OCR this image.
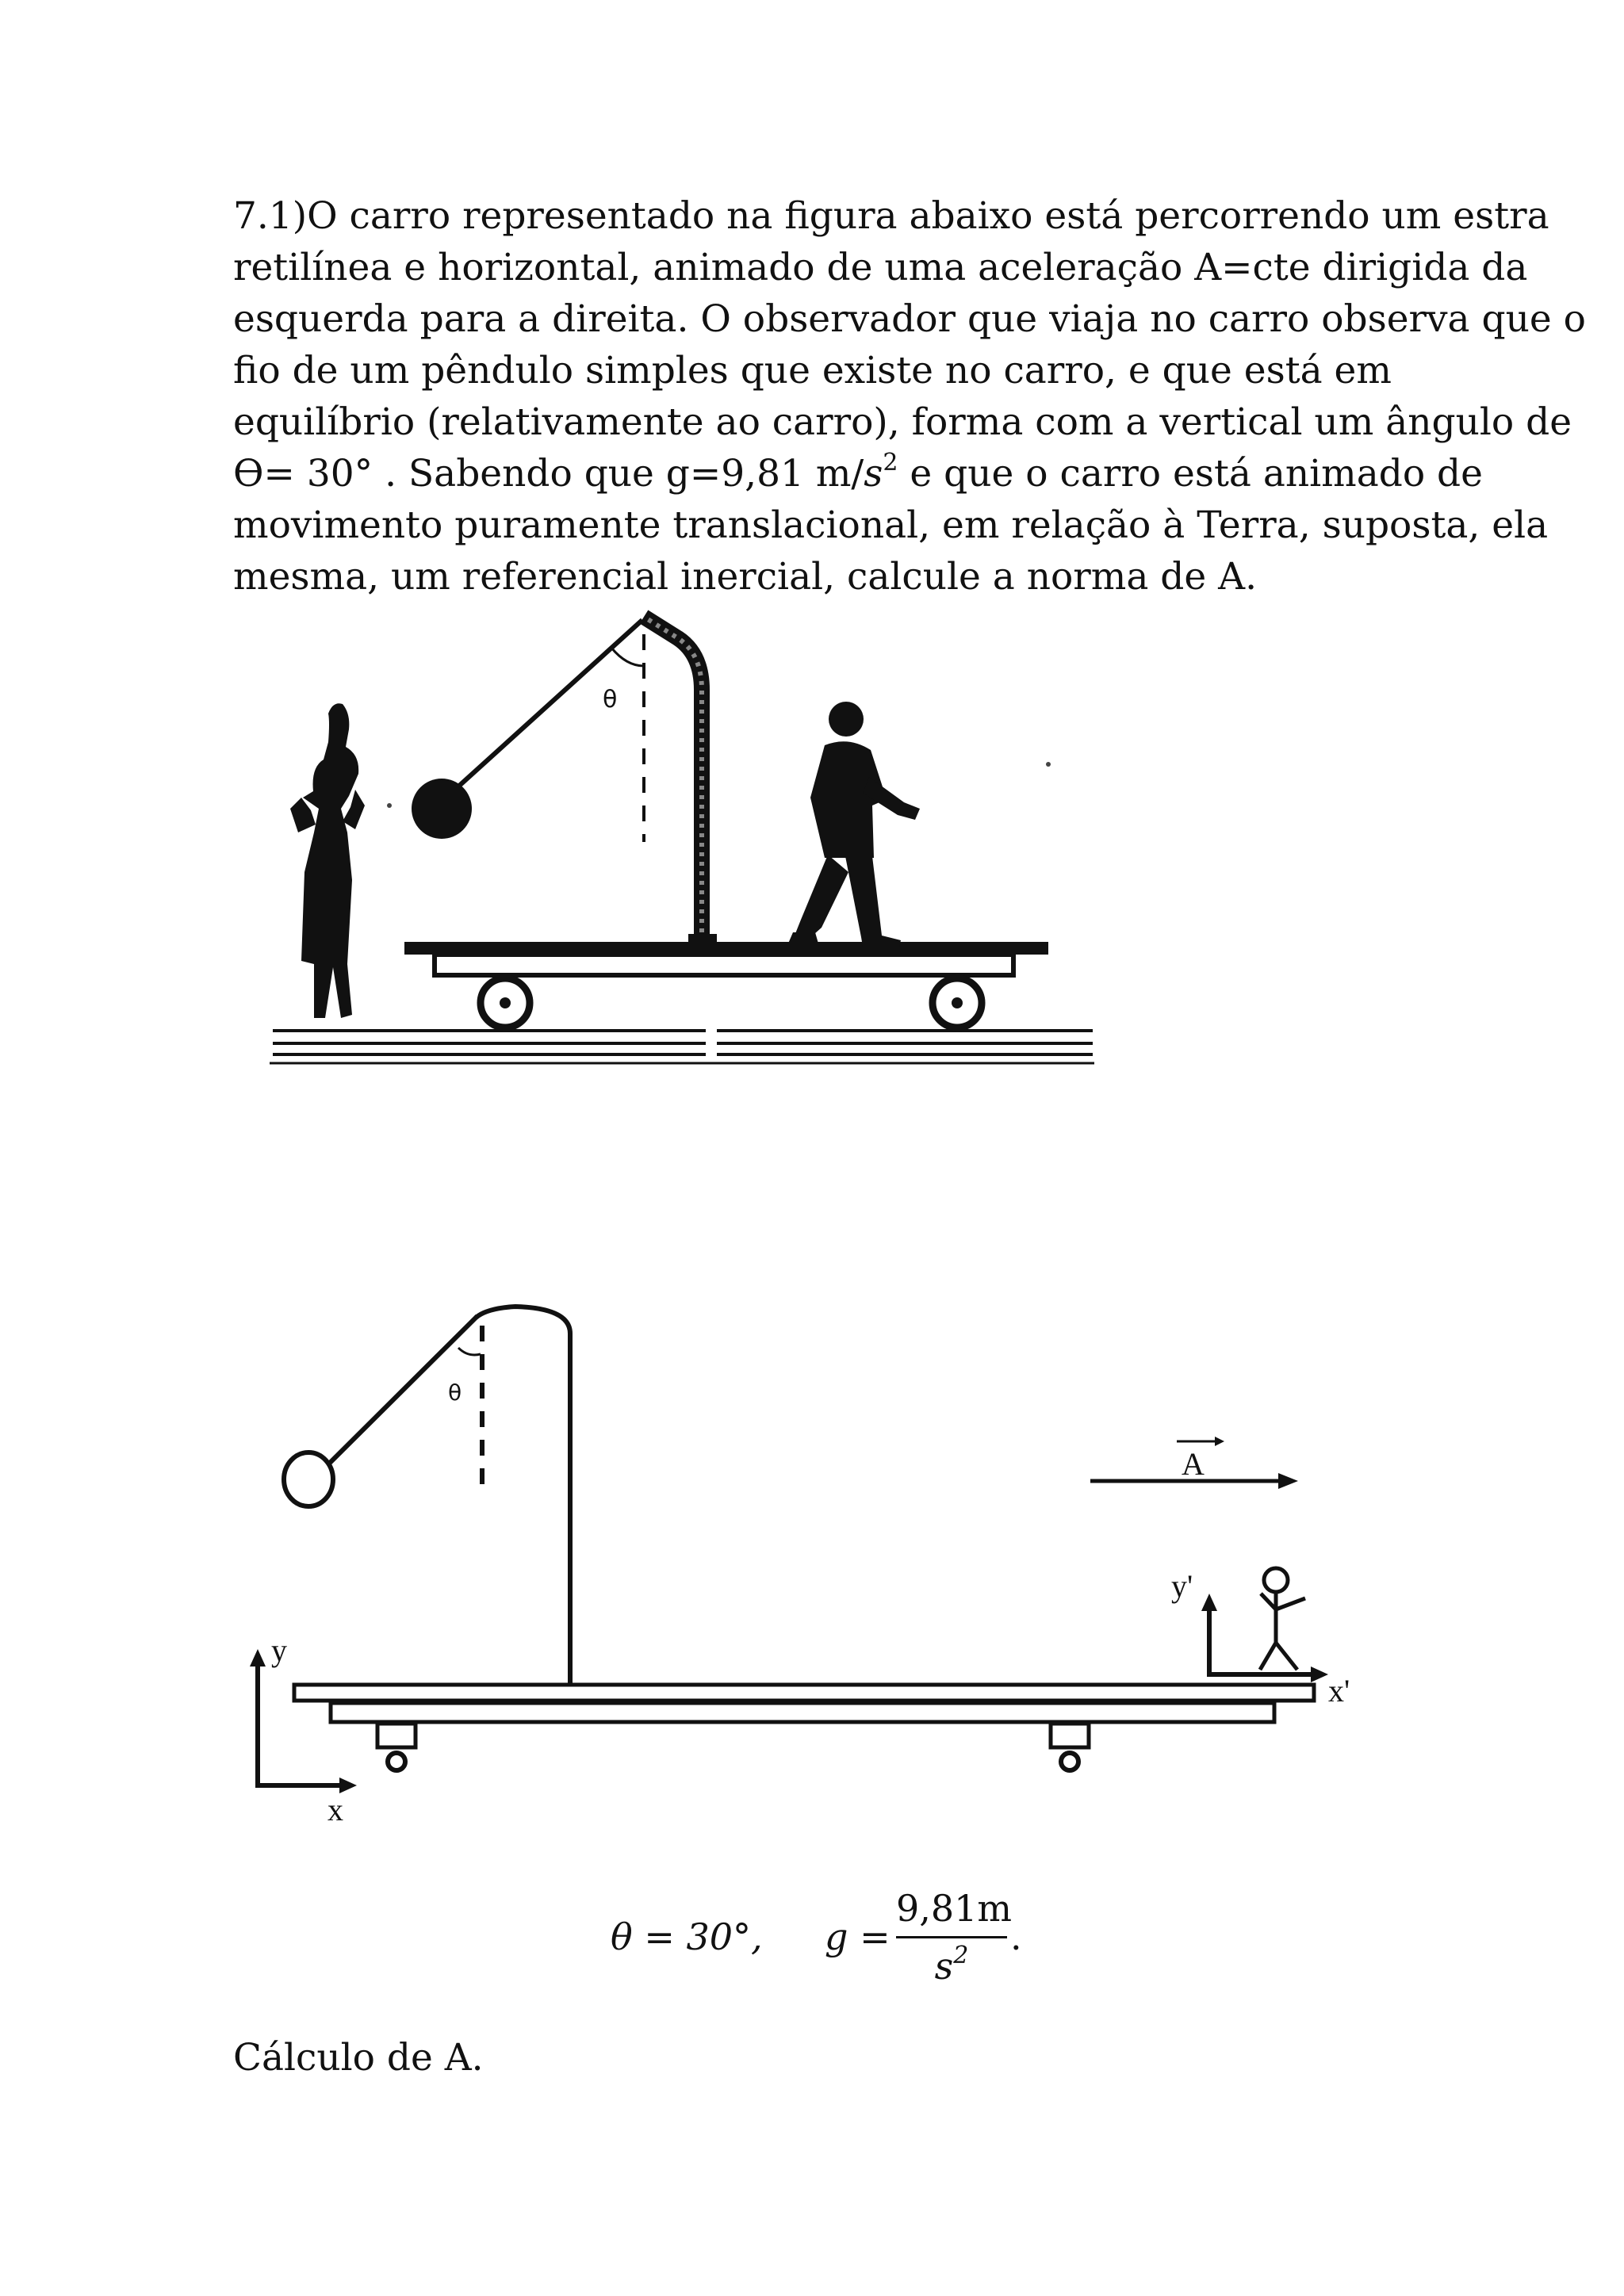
7.1)O carro representado na figura abaixo está percorrendo um estra
retilínea e horizontal, animado de uma aceleração A=cte dirigida da
esquerda para a direita. O observador que viaja no carro observa que o
fio de um pêndulo simples que existe no carro, e que está em
equilíbrio (relativamente ao carro), forma com a vertical um ângulo de
ϴ= 30° . Sabendo que g=9,81 $m/s^2$ e que o carro está animado de
movimento puramente translacional, em relação à Terra, suposta, ela
mesma, um referencial inercial, calcule a norma de A.

θ
θ
y
x
A
y'
x'
θ = 30°, g =
9,81m
$s^2$	.

Cálculo de A.
